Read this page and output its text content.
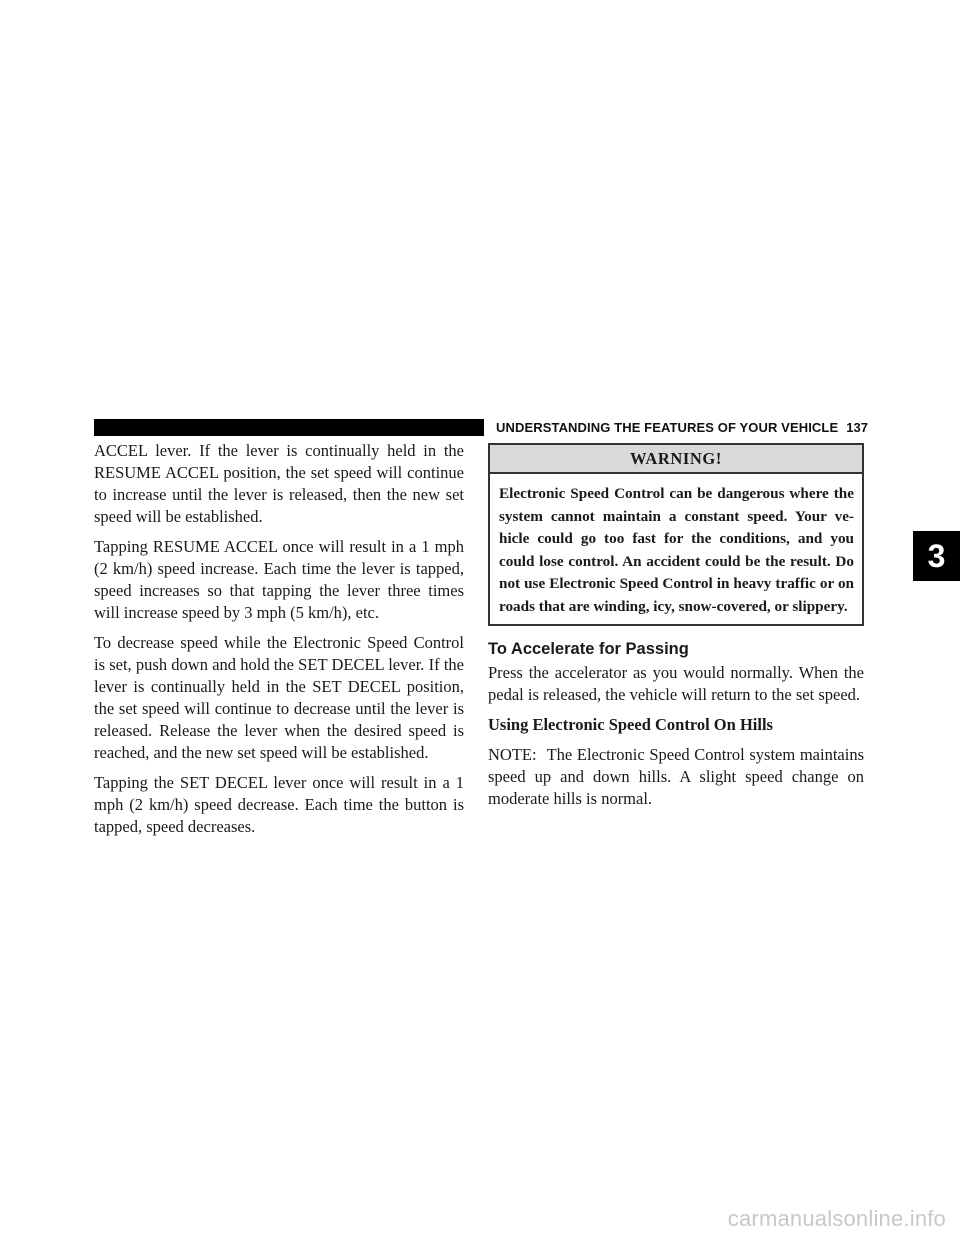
UNDERSTANDING THE FEATURES OF YOUR VEHICLE 137

ACCEL lever. If the lever is continually held in the RESUME ACCEL position, the set speed will continue to increase until the lever is released, then the new set speed will be established.

Tapping RESUME ACCEL once will result in a 1 mph (2 km/h) speed increase. Each time the lever is tapped, speed increases so that tapping the lever three times will increase speed by 3 mph (5 km/h), etc.

To decrease speed while the Electronic Speed Control is set, push down and hold the SET DECEL lever. If the lever is continually held in the SET DECEL position, the set speed will continue to decrease until the lever is released. Release the lever when the desired speed is reached, and the new set speed will be established.

Tapping the SET DECEL lever once will result in a 1 mph (2 km/h) speed decrease. Each time the button is tapped, speed decreases.

WARNING!
Electronic Speed Control can be dangerous where the system cannot maintain a constant speed. Your ve-hicle could go too fast for the conditions, and you could lose control. An accident could be the result. Do not use Electronic Speed Control in heavy traffic or on roads that are winding, icy, snow-covered, or slippery.
To Accelerate for Passing

Press the accelerator as you would normally. When the pedal is released, the vehicle will return to the set speed.

Using Electronic Speed Control On Hills

NOTE: The Electronic Speed Control system maintains speed up and down hills. A slight speed change on moderate hills is normal.

3
carmanualsonline.info
